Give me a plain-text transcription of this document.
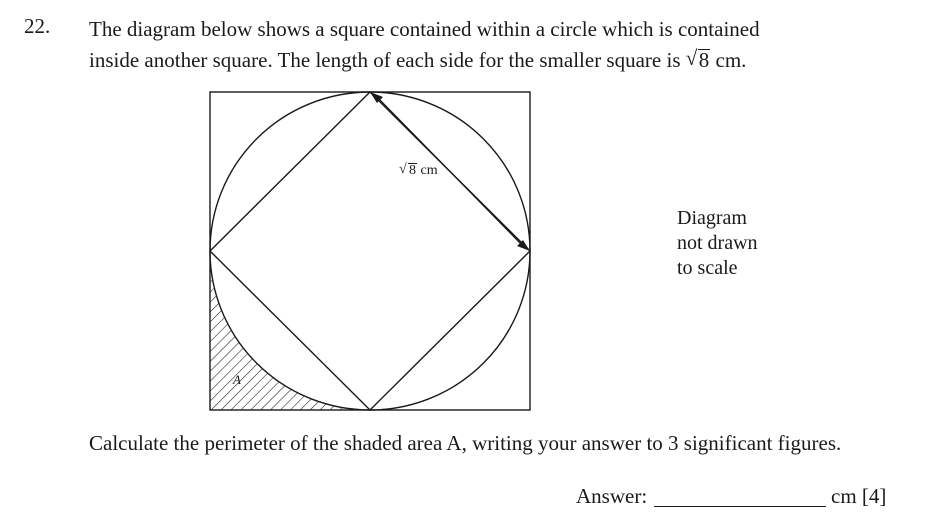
22. The diagram below shows a square contained within a circle which is contained
inside another square. The length of each side for the smaller square is √ 8 cm.
A
√ 8 cm
Diagram
not drawn
to scale
Calculate the perimeter of the shaded area A, writing your answer to 3 significant figures.
Answer:	cm [4]
